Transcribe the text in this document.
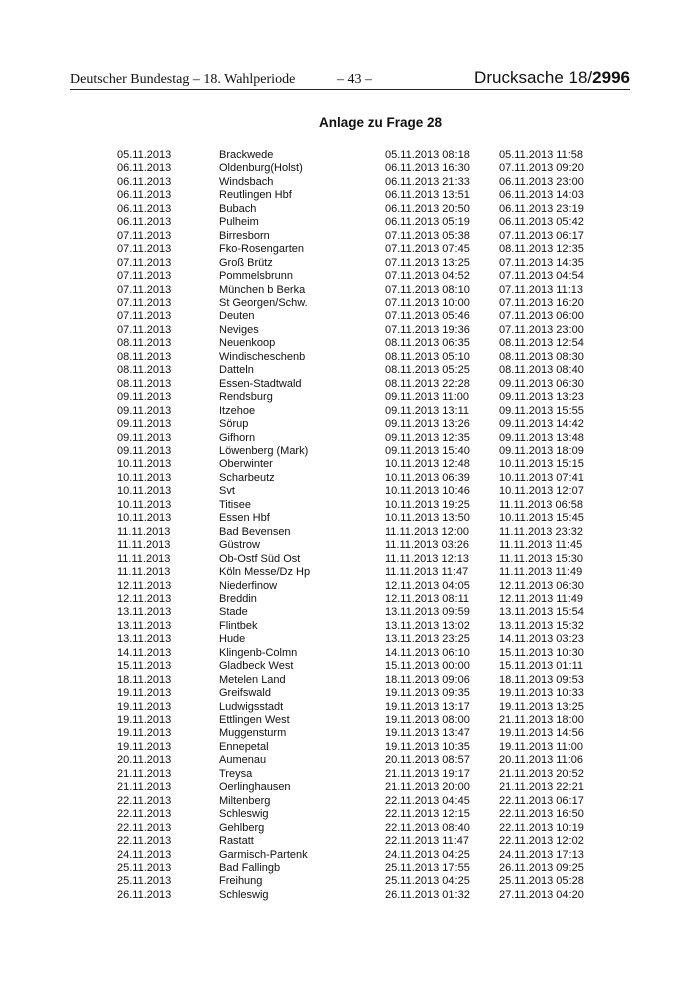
Deutscher Bundestag – 18. Wahlperiode	– 43 –	Drucksache 18/2996
Anlage zu Frage 28
05.11.2013	Brackwede	05.11.2013 08:18	05.11.2013 11:58
06.11.2013	Oldenburg(Holst)	06.11.2013 16:30	07.11.2013 09:20
06.11.2013	Windsbach	06.11.2013 21:33	06.11.2013 23:00
06.11.2013	Reutlingen Hbf	06.11.2013 13:51	06.11.2013 14:03
06.11.2013	Bubach	06.11.2013 20:50	06.11.2013 23:19
06.11.2013	Pulheim	06.11.2013 05:19	06.11.2013 05:42
07.11.2013	Birresborn	07.11.2013 05:38	07.11.2013 06:17
07.11.2013	Fko-Rosengarten	07.11.2013 07:45	08.11.2013 12:35
07.11.2013	Groß Brütz	07.11.2013 13:25	07.11.2013 14:35
07.11.2013	Pommelsbrunn	07.11.2013 04:52	07.11.2013 04:54
07.11.2013	München b Berka	07.11.2013 08:10	07.11.2013 11:13
07.11.2013	St Georgen/Schw.	07.11.2013 10:00	07.11.2013 16:20
07.11.2013	Deuten	07.11.2013 05:46	07.11.2013 06:00
07.11.2013	Neviges	07.11.2013 19:36	07.11.2013 23:00
08.11.2013	Neuenkoop	08.11.2013 06:35	08.11.2013 12:54
08.11.2013	Windischeschenb	08.11.2013 05:10	08.11.2013 08:30
08.11.2013	Datteln	08.11.2013 05:25	08.11.2013 08:40
08.11.2013	Essen-Stadtwald	08.11.2013 22:28	09.11.2013 06:30
09.11.2013	Rendsburg	09.11.2013 11:00	09.11.2013 13:23
09.11.2013	Itzehoe	09.11.2013 13:11	09.11.2013 15:55
09.11.2013	Sörup	09.11.2013 13:26	09.11.2013 14:42
09.11.2013	Gifhorn	09.11.2013 12:35	09.11.2013 13:48
09.11.2013	Löwenberg (Mark)	09.11.2013 15:40	09.11.2013 18:09
10.11.2013	Oberwinter	10.11.2013 12:48	10.11.2013 15:15
10.11.2013	Scharbeutz	10.11.2013 06:39	10.11.2013 07:41
10.11.2013	Svt	10.11.2013 10:46	10.11.2013 12:07
10.11.2013	Titisee	10.11.2013 19:25	11.11.2013 06:58
10.11.2013	Essen Hbf	10.11.2013 13:50	10.11.2013 15:45
11.11.2013	Bad Bevensen	11.11.2013 12:00	11.11.2013 23:32
11.11.2013	Güstrow	11.11.2013 03:26	11.11.2013 11:45
11.11.2013	Ob-Ostf Süd Ost	11.11.2013 12:13	11.11.2013 15:30
11.11.2013	Köln Messe/Dz Hp	11.11.2013 11:47	11.11.2013 11:49
12.11.2013	Niederfinow	12.11.2013 04:05	12.11.2013 06:30
12.11.2013	Breddin	12.11.2013 08:11	12.11.2013 11:49
13.11.2013	Stade	13.11.2013 09:59	13.11.2013 15:54
13.11.2013	Flintbek	13.11.2013 13:02	13.11.2013 15:32
13.11.2013	Hude	13.11.2013 23:25	14.11.2013 03:23
14.11.2013	Klingenb-Colmn	14.11.2013 06:10	15.11.2013 10:30
15.11.2013	Gladbeck West	15.11.2013 00:00	15.11.2013 01:11
18.11.2013	Metelen Land	18.11.2013 09:06	18.11.2013 09:53
19.11.2013	Greifswald	19.11.2013 09:35	19.11.2013 10:33
19.11.2013	Ludwigsstadt	19.11.2013 13:17	19.11.2013 13:25
19.11.2013	Ettlingen West	19.11.2013 08:00	21.11.2013 18:00
19.11.2013	Muggensturm	19.11.2013 13:47	19.11.2013 14:56
19.11.2013	Ennepetal	19.11.2013 10:35	19.11.2013 11:00
20.11.2013	Aumenau	20.11.2013 08:57	20.11.2013 11:06
21.11.2013	Treysa	21.11.2013 19:17	21.11.2013 20:52
21.11.2013	Oerlinghausen	21.11.2013 20:00	21.11.2013 22:21
22.11.2013	Miltenberg	22.11.2013 04:45	22.11.2013 06:17
22.11.2013	Schleswig	22.11.2013 12:15	22.11.2013 16:50
22.11.2013	Gehlberg	22.11.2013 08:40	22.11.2013 10:19
22.11.2013	Rastatt	22.11.2013 11:47	22.11.2013 12:02
24.11.2013	Garmisch-Partenk	24.11.2013 04:25	24.11.2013 17:13
25.11.2013	Bad Fallingb	25.11.2013 17:55	26.11.2013 09:25
25.11.2013	Freihung	25.11.2013 04:25	25.11.2013 05:28
26.11.2013	Schleswig	26.11.2013 01:32	27.11.2013 04:20
